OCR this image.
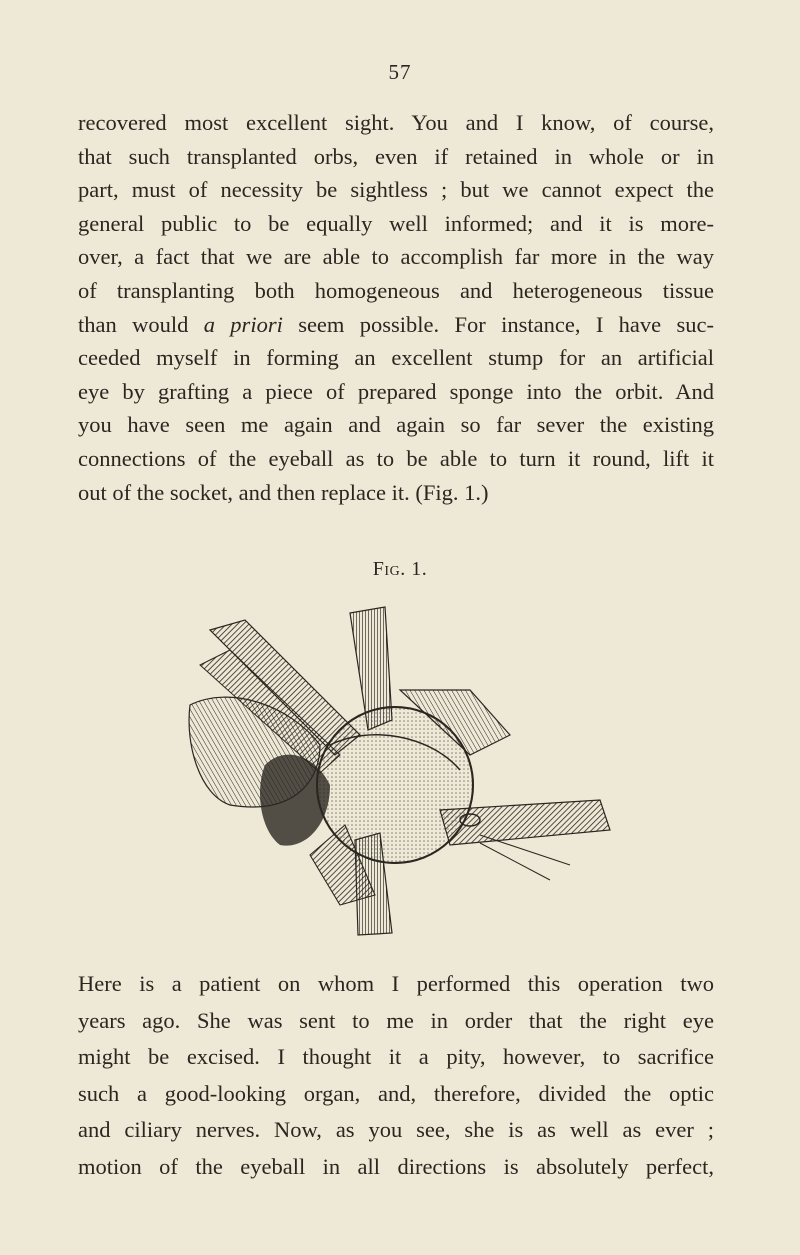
57

recovered most excellent sight. You and I know, of course,
that such transplanted orbs, even if retained in whole or in
part, must of necessity be sightless ; but we cannot expect the
general public to be equally well informed; and it is more-
over, a fact that we are able to accomplish far more in the way
of transplanting both homogeneous and heterogeneous tissue
than would a priori seem possible. For instance, I have suc-
ceeded myself in forming an excellent stump for an artificial
eye by grafting a piece of prepared sponge into the orbit. And
you have seen me again and again so far sever the existing
connections of the eyeball as to be able to turn it round, lift it
out of the socket, and then replace it. (Fig. 1.)

Fig. 1.

Here is a patient on whom I performed this operation two
years ago. She was sent to me in order that the right eye
might be excised. I thought it a pity, however, to sacrifice
such a good-looking organ, and, therefore, divided the optic
and ciliary nerves. Now, as you see, she is as well as ever ;
motion of the eyeball in all directions is absolutely perfect,
